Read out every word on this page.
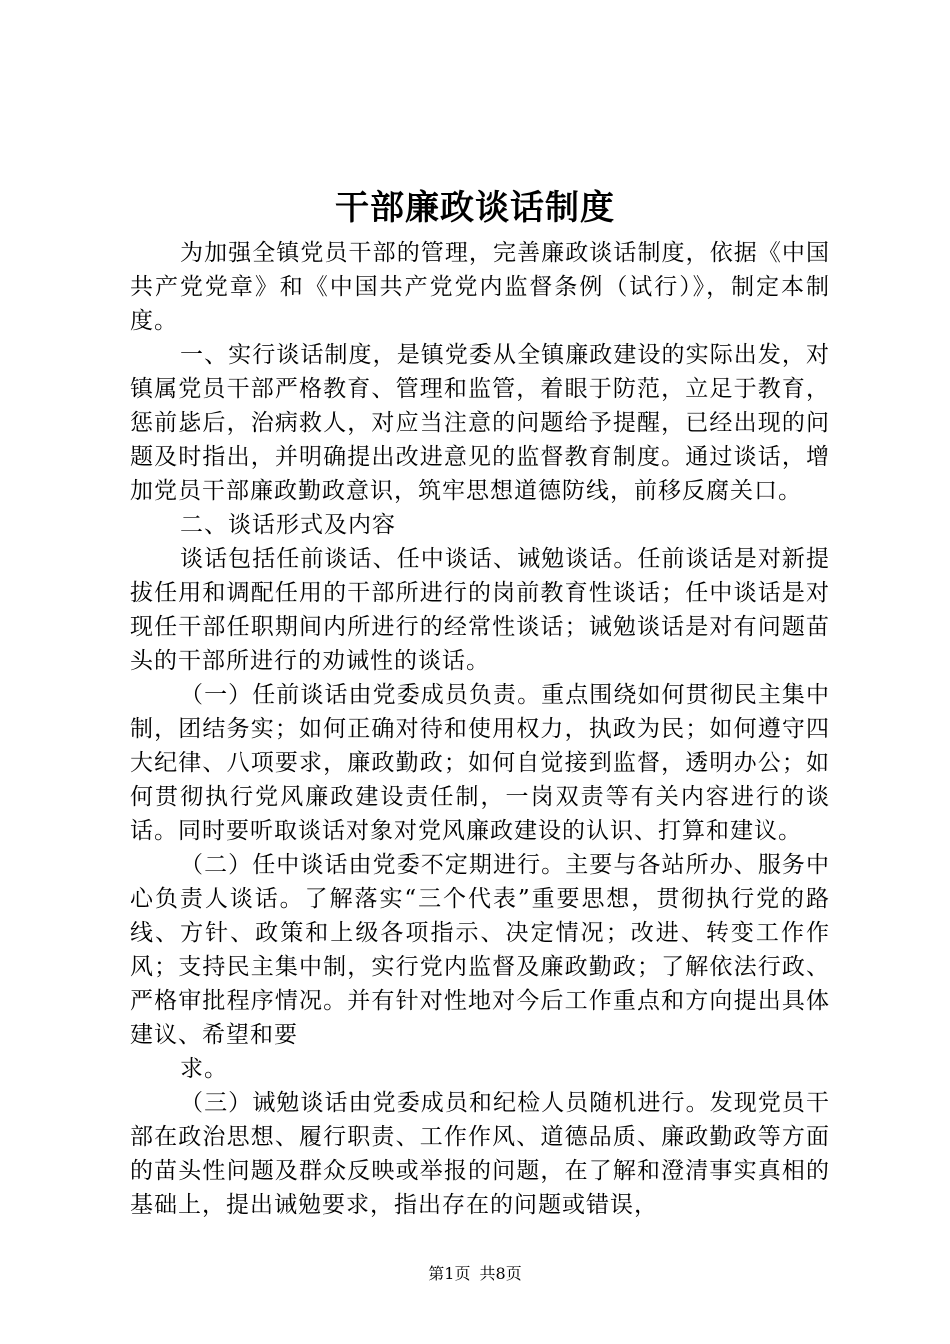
干部廉政谈话制度

为加强全镇党员干部的管理，完善廉政谈话制度，依据《中国共产党党章》和《中国共产党党内监督条例（试行）》，制定本制度。

一、实行谈话制度，是镇党委从全镇廉政建设的实际出发，对镇属党员干部严格教育、管理和监管，着眼于防范，立足于教育，惩前毖后，治病救人，对应当注意的问题给予提醒，已经出现的问题及时指出，并明确提出改进意见的监督教育制度。通过谈话，增加党员干部廉政勤政意识，筑牢思想道德防线，前移反腐关口。

二、谈话形式及内容

谈话包括任前谈话、任中谈话、诫勉谈话。任前谈话是对新提拔任用和调配任用的干部所进行的岗前教育性谈话；任中谈话是对现任干部任职期间内所进行的经常性谈话；诫勉谈话是对有问题苗头的干部所进行的劝诫性的谈话。

（一）任前谈话由党委成员负责。重点围绕如何贯彻民主集中制，团结务实；如何正确对待和使用权力，执政为民；如何遵守四大纪律、八项要求，廉政勤政；如何自觉接到监督，透明办公；如何贯彻执行党风廉政建设责任制，一岗双责等有关内容进行的谈话。同时要听取谈话对象对党风廉政建设的认识、打算和建议。

（二）任中谈话由党委不定期进行。主要与各站所办、服务中心负责人谈话。了解落实“三个代表”重要思想，贯彻执行党的路线、方针、政策和上级各项指示、决定情况；改进、转变工作作风；支持民主集中制，实行党内监督及廉政勤政；了解依法行政、严格审批程序情况。并有针对性地对今后工作重点和方向提出具体建议、希望和要

求。

（三）诫勉谈话由党委成员和纪检人员随机进行。发现党员干部在政治思想、履行职责、工作作风、道德品质、廉政勤政等方面的苗头性问题及群众反映或举报的问题，在了解和澄清事实真相的基础上，提出诫勉要求，指出存在的问题或错误，

第1页 共8页
